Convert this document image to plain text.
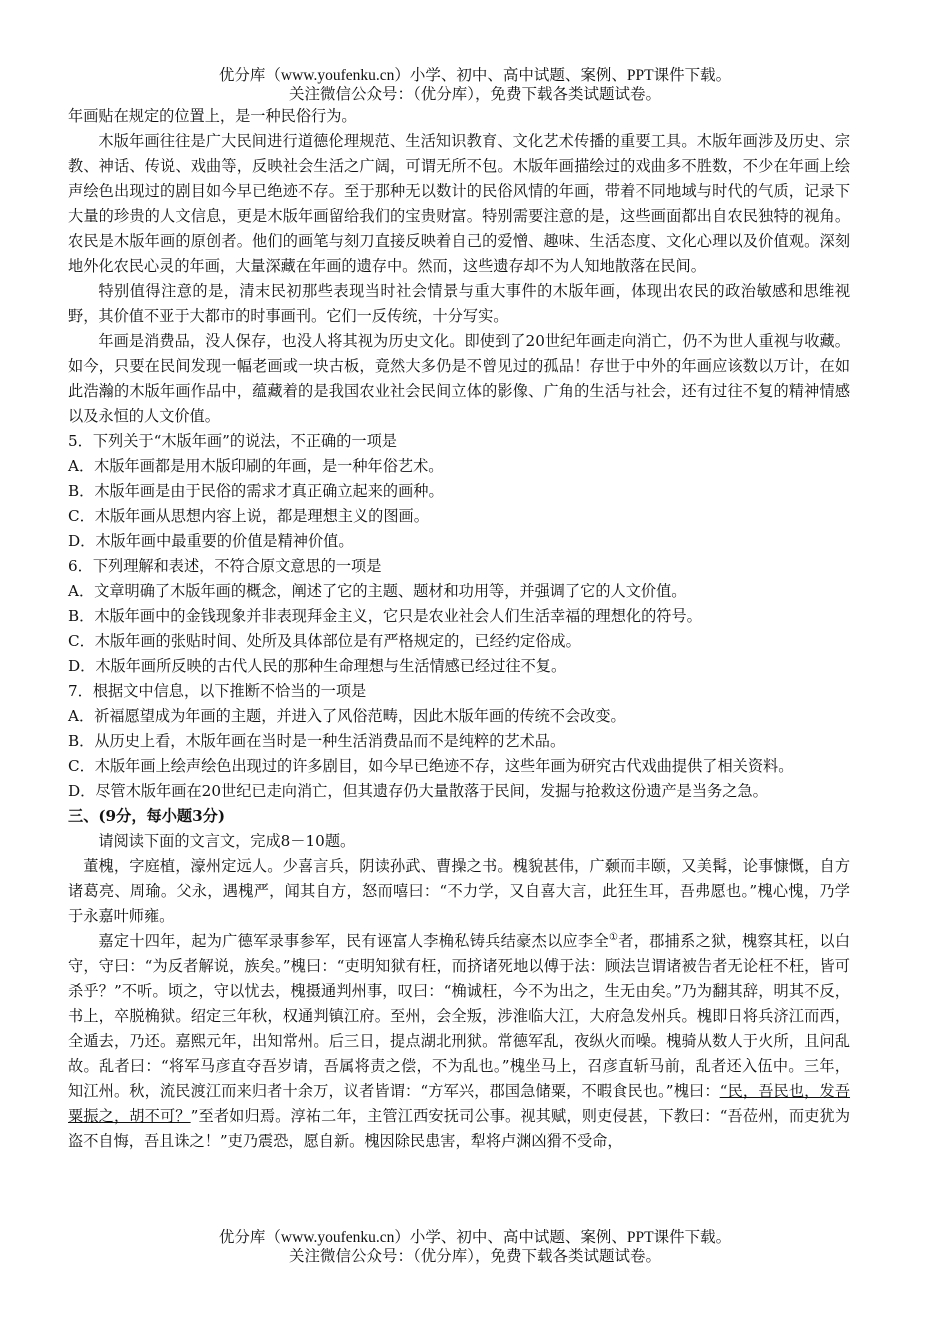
优分库（www.youfenku.cn）小学、初中、高中试题、案例、PPT课件下载。
关注微信公众号：（优分库），免费下载各类试题试卷。

年画贴在规定的位置上，是一种民俗行为。

木版年画往往是广大民间进行道德伦理规范、生活知识教育、文化艺术传播的重要工具。木版年画涉及历史、宗教、神话、传说、戏曲等，反映社会生活之广阔，可谓无所不包。木版年画描绘过的戏曲多不胜数，不少在年画上绘声绘色出现过的剧目如今早已绝迹不存。至于那种无以数计的民俗风情的年画，带着不同地域与时代的气质，记录下大量的珍贵的人文信息，更是木版年画留给我们的宝贵财富。特别需要注意的是，这些画面都出自农民独特的视角。农民是木版年画的原创者。他们的画笔与刻刀直接反映着自己的爱憎、趣味、生活态度、文化心理以及价值观。深刻地外化农民心灵的年画，大量深藏在年画的遗存中。然而，这些遗存却不为人知地散落在民间。

特别值得注意的是，清末民初那些表现当时社会情景与重大事件的木版年画，体现出农民的政治敏感和思维视野，其价值不亚于大都市的时事画刊。它们一反传统，十分写实。

年画是消费品，没人保存，也没人将其视为历史文化。即使到了20世纪年画走向消亡，仍不为世人重视与收藏。如今，只要在民间发现一幅老画或一块古板，竟然大多仍是不曾见过的孤品！存世于中外的年画应该数以万计，在如此浩瀚的木版年画作品中，蕴藏着的是我国农业社会民间立体的影像、广角的生活与社会，还有过往不复的精神情感以及永恒的人文价值。

5．下列关于“木版年画”的说法，不正确的一项是

A．木版年画都是用木版印刷的年画，是一种年俗艺术。

B．木版年画是由于民俗的需求才真正确立起来的画种。

C．木版年画从思想内容上说，都是理想主义的图画。

D．木版年画中最重要的价值是精神价值。

6．下列理解和表述，不符合原文意思的一项是

A．文章明确了木版年画的概念，阐述了它的主题、题材和功用等，并强调了它的人文价值。

B．木版年画中的金钱现象并非表现拜金主义，它只是农业社会人们生活幸福的理想化的符号。

C．木版年画的张贴时间、处所及具体部位是有严格规定的，已经约定俗成。

D．木版年画所反映的古代人民的那种生命理想与生活情感已经过往不复。

7．根据文中信息，以下推断不恰当的一项是

A．祈福愿望成为年画的主题，并进入了风俗范畴，因此木版年画的传统不会改变。

B．从历史上看，木版年画在当时是一种生活消费品而不是纯粹的艺术品。

C．木版年画上绘声绘色出现过的许多剧目，如今早已绝迹不存，这些年画为研究古代戏曲提供了相关资料。

D．尽管木版年画在20世纪已走向消亡，但其遗存仍大量散落于民间，发掘与抢救这份遗产是当务之急。

三、(9分，每小题3分)

请阅读下面的文言文，完成8－10题。

董槐，字庭植，濠州定远人。少喜言兵，阴读孙武、曹操之书。槐貌甚伟，广颡而丰颐，又美髯，论事慷慨，自方诸葛亮、周瑜。父永，遇槐严，闻其自方，怒而嘻曰：“不力学，又自喜大言，此狂生耳，吾弗愿也。”槐心愧，乃学于永嘉叶师雍。

嘉定十四年，起为广德军录事参军，民有诬富人李桷私铸兵结豪杰以应李全①者，郡捕系之狱，槐察其枉，以白守，守曰：“为反者解说，族矣。”槐曰：“吏明知狱有枉，而挤诸死地以傅于法：顾法岂谓诸被告者无论枉不枉，皆可杀乎？”不听。顷之，守以忧去，槐摄通判州事，叹曰：“桷诚枉，今不为出之，生无由矣。”乃为翻其辞，明其不反，书上，卒脱桷狱。绍定三年秋，权通判镇江府。至州，会全叛，涉淮临大江，大府急发州兵。槐即日将兵济江而西，全遁去，乃还。嘉熙元年，出知常州。后三日，提点湖北刑狱。常德军乱，夜纵火而噪。槐骑从数人于火所，且问乱故。乱者曰：“将军马彦直夺吾岁请，吾属将责之偿，不为乱也。”槐坐马上，召彦直斩马前，乱者还入伍中。三年，知江州。秋，流民渡江而来归者十余万，议者皆谓：“方军兴，郡国急储粟，不暇食民也。”槐曰：“民，吾民也，发吾粟振之，胡不可？”至者如归焉。淳祐二年，主管江西安抚司公事。视其赋，则吏侵甚，下教曰：“吾莅州，而吏犹为盗不自悔，吾且诛之！”吏乃震恐，愿自新。槐因除民患害，犁将卢渊凶猾不受命，

优分库（www.youfenku.cn）小学、初中、高中试题、案例、PPT课件下载。
关注微信公众号：（优分库），免费下载各类试题试卷。
